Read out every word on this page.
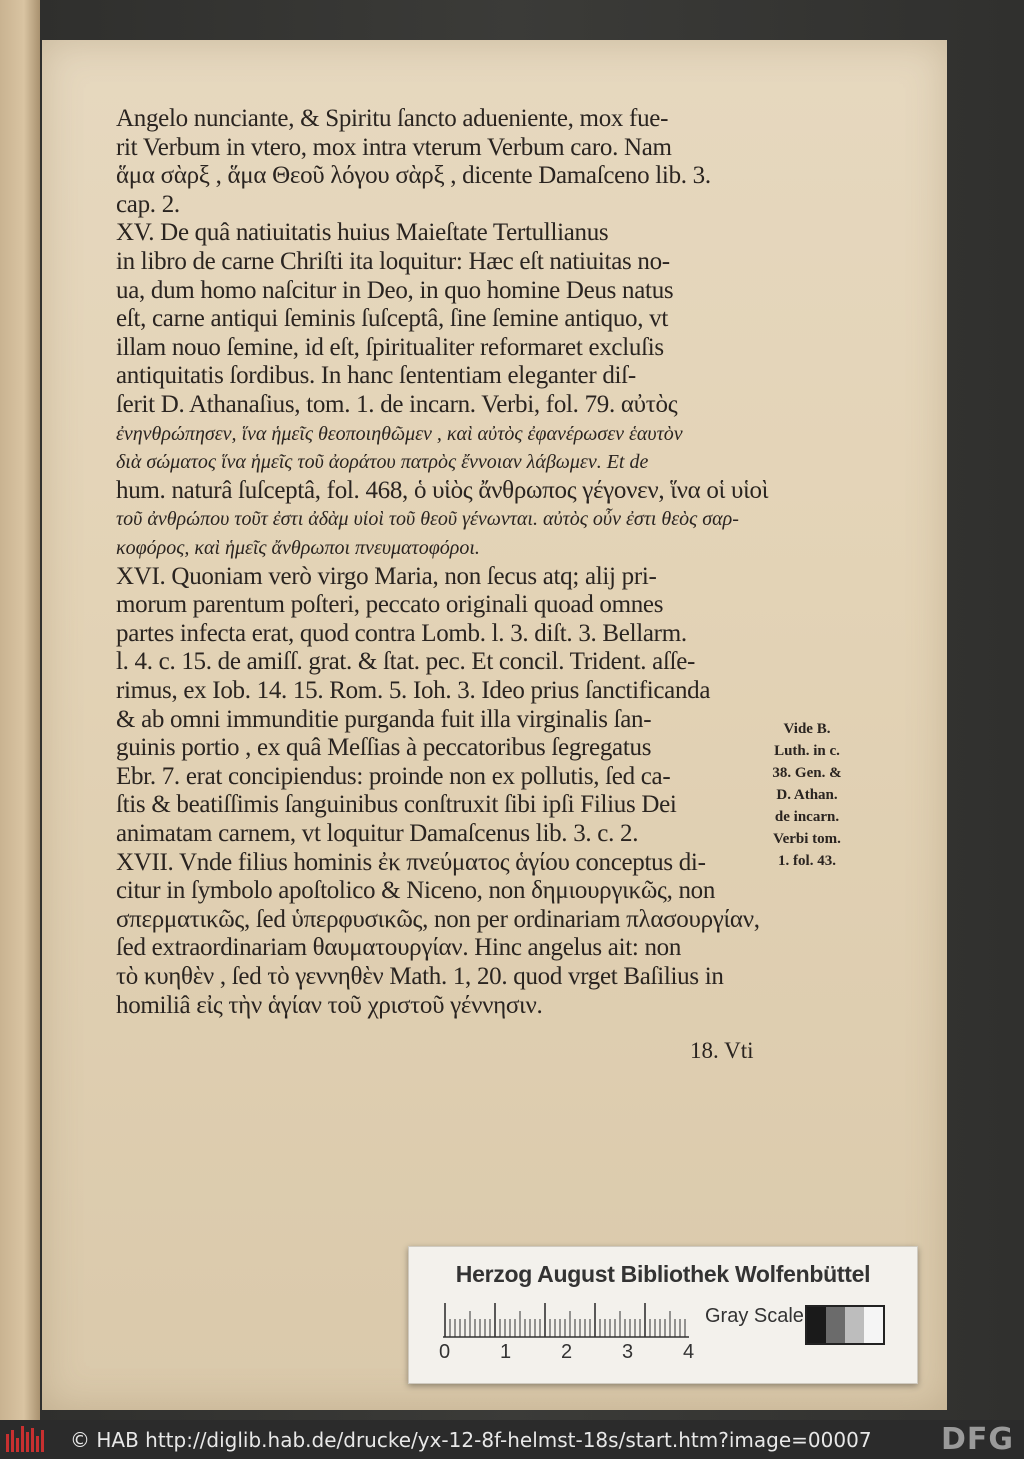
Angelo nunciante, & Spiritu ſancto adueniente, mox fue-
rit Verbum in vtero, mox intra vterum Verbum caro. Nam
ἅμα σὰρξ , ἅμα Θεοῦ λόγου σὰρξ , dicente Damaſceno lib. 3.
cap. 2.
XV. De quâ natiuitatis huius Maieſtate Tertullianus
in libro de carne Chriſti ita loquitur: Hæc eſt natiuitas no-
ua, dum homo naſcitur in Deo, in quo homine Deus natus
eſt, carne antiqui ſeminis ſuſceptâ, ſine ſemine antiquo, vt
illam nouo ſemine, id eſt, ſpiritualiter reformaret excluſis
antiquitatis ſordibus. In hanc ſententiam eleganter diſ-
ſerit D. Athanaſius, tom. 1. de incarn. Verbi, fol. 79. αὐτὸς
ἐνηνθρώπησεν, ἵνα ἡμεῖς θεοποιηθῶμεν , καὶ αὐτὸς ἐφανέρωσεν ἑαυτὸν
διὰ σώματος ἵνα ἡμεῖς τοῦ ἀοράτου πατρὸς ἔννοιαν λάβωμεν. Et de
hum. naturâ ſuſceptâ, fol. 468, ὁ υἱὸς ἄνθρωπος γέγονεν, ἵνα οἱ υἱοὶ
τοῦ ἀνθρώπου τοῦτ ἐστι ἀδὰμ υἱοὶ τοῦ θεοῦ γένωνται. αὐτὸς οὖν ἐστι θεὸς σαρ-
κοφόρος, καὶ ἡμεῖς ἄνθρωποι πνευματοφόροι.
XVI. Quoniam verò virgo Maria, non ſecus atq; alij pri-
morum parentum poſteri, peccato originali quoad omnes
partes infecta erat, quod contra Lomb. l. 3. diſt. 3. Bellarm.
l. 4. c. 15. de amiſſ. grat. & ſtat. pec. Et concil. Trident. aſſe-
rimus, ex Iob. 14. 15. Rom. 5. Ioh. 3. Ideo prius ſanctificanda
& ab omni immunditie purganda fuit illa virginalis ſan-
guinis portio , ex quâ Meſſias à peccatoribus ſegregatus
Ebr. 7. erat concipiendus: proinde non ex pollutis, ſed ca-
ſtis & beatiſſimis ſanguinibus conſtruxit ſibi ipſi Filius Dei
animatam carnem, vt loquitur Damaſcenus lib. 3. c. 2.
XVII. Vnde filius hominis ἐκ πνεύματος ἁγίου conceptus di-
citur in ſymbolo apoſtolico & Niceno, non δημιουργικῶς, non
σπερματικῶς, ſed ὑπερφυσικῶς, non per ordinariam πλασουργίαν,
ſed extraordinariam θαυματουργίαν. Hinc angelus ait: non
τὸ κυηθὲν , ſed τὸ γεννηθὲν Math. 1, 20. quod vrget Baſilius in
homiliâ εἰς τὴν ἁγίαν τοῦ χριστοῦ γέννησιν.
Vide B.
Luth. in c.
38. Gen. &
D. Athan.
de incarn.
Verbi tom.
1. fol. 43.
18. Vti
Herzog August Bibliothek Wolfenbüttel
0 1 2 3 4
Gray Scale
© HAB http://diglib.hab.de/drucke/yx-12-8f-helmst-18s/start.htm?image=00007 DFG
